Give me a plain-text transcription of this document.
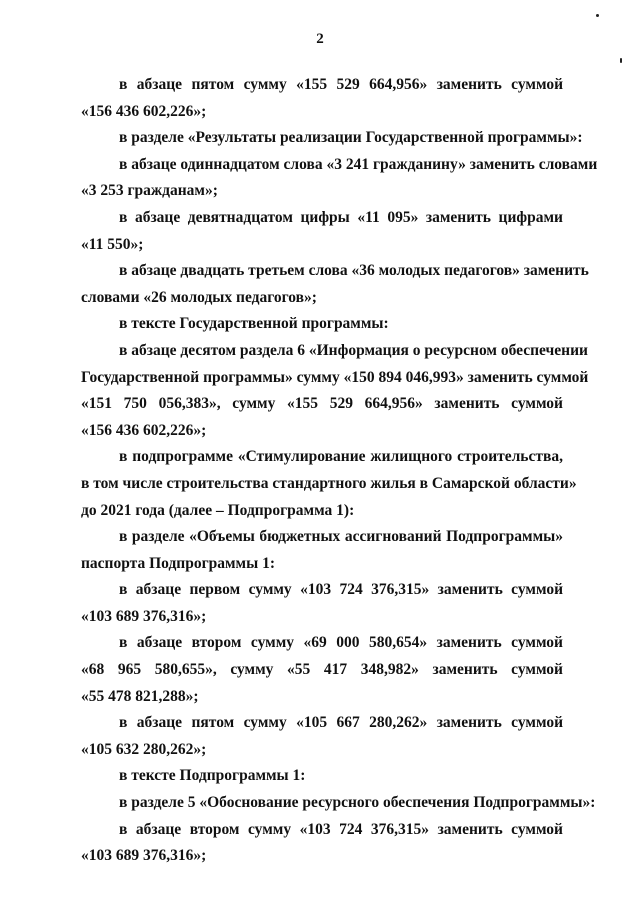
2
в абзаце пятом сумму «155 529 664,956» заменить суммой
«156 436 602,226»;
в разделе «Результаты реализации Государственной программы»:
в абзаце одиннадцатом слова «3 241 гражданину» заменить словами
«3 253 гражданам»;
в абзаце девятнадцатом цифры «11 095» заменить цифрами
«11 550»;
в абзаце двадцать третьем слова «36 молодых педагогов» заменить
словами «26 молодых педагогов»;
в тексте Государственной программы:
в абзаце десятом раздела 6 «Информация о ресурсном обеспечении
Государственной программы» сумму «150 894 046,993» заменить суммой
«151 750 056,383», сумму «155 529 664,956» заменить суммой
«156 436 602,226»;
в подпрограмме «Стимулирование жилищного строительства,
в том числе строительства стандартного жилья в Самарской области»
до 2021 года (далее – Подпрограмма 1):
в разделе «Объемы бюджетных ассигнований Подпрограммы»
паспорта Подпрограммы 1:
в абзаце первом сумму «103 724 376,315» заменить суммой
«103 689 376,316»;
в абзаце втором сумму «69 000 580,654» заменить суммой
«68 965 580,655», сумму «55 417 348,982» заменить суммой
«55 478 821,288»;
в абзаце пятом сумму «105 667 280,262» заменить суммой
«105 632 280,262»;
в тексте Подпрограммы 1:
в разделе 5 «Обоснование ресурсного обеспечения Подпрограммы»:
в абзаце втором сумму «103 724 376,315» заменить суммой
«103 689 376,316»;
